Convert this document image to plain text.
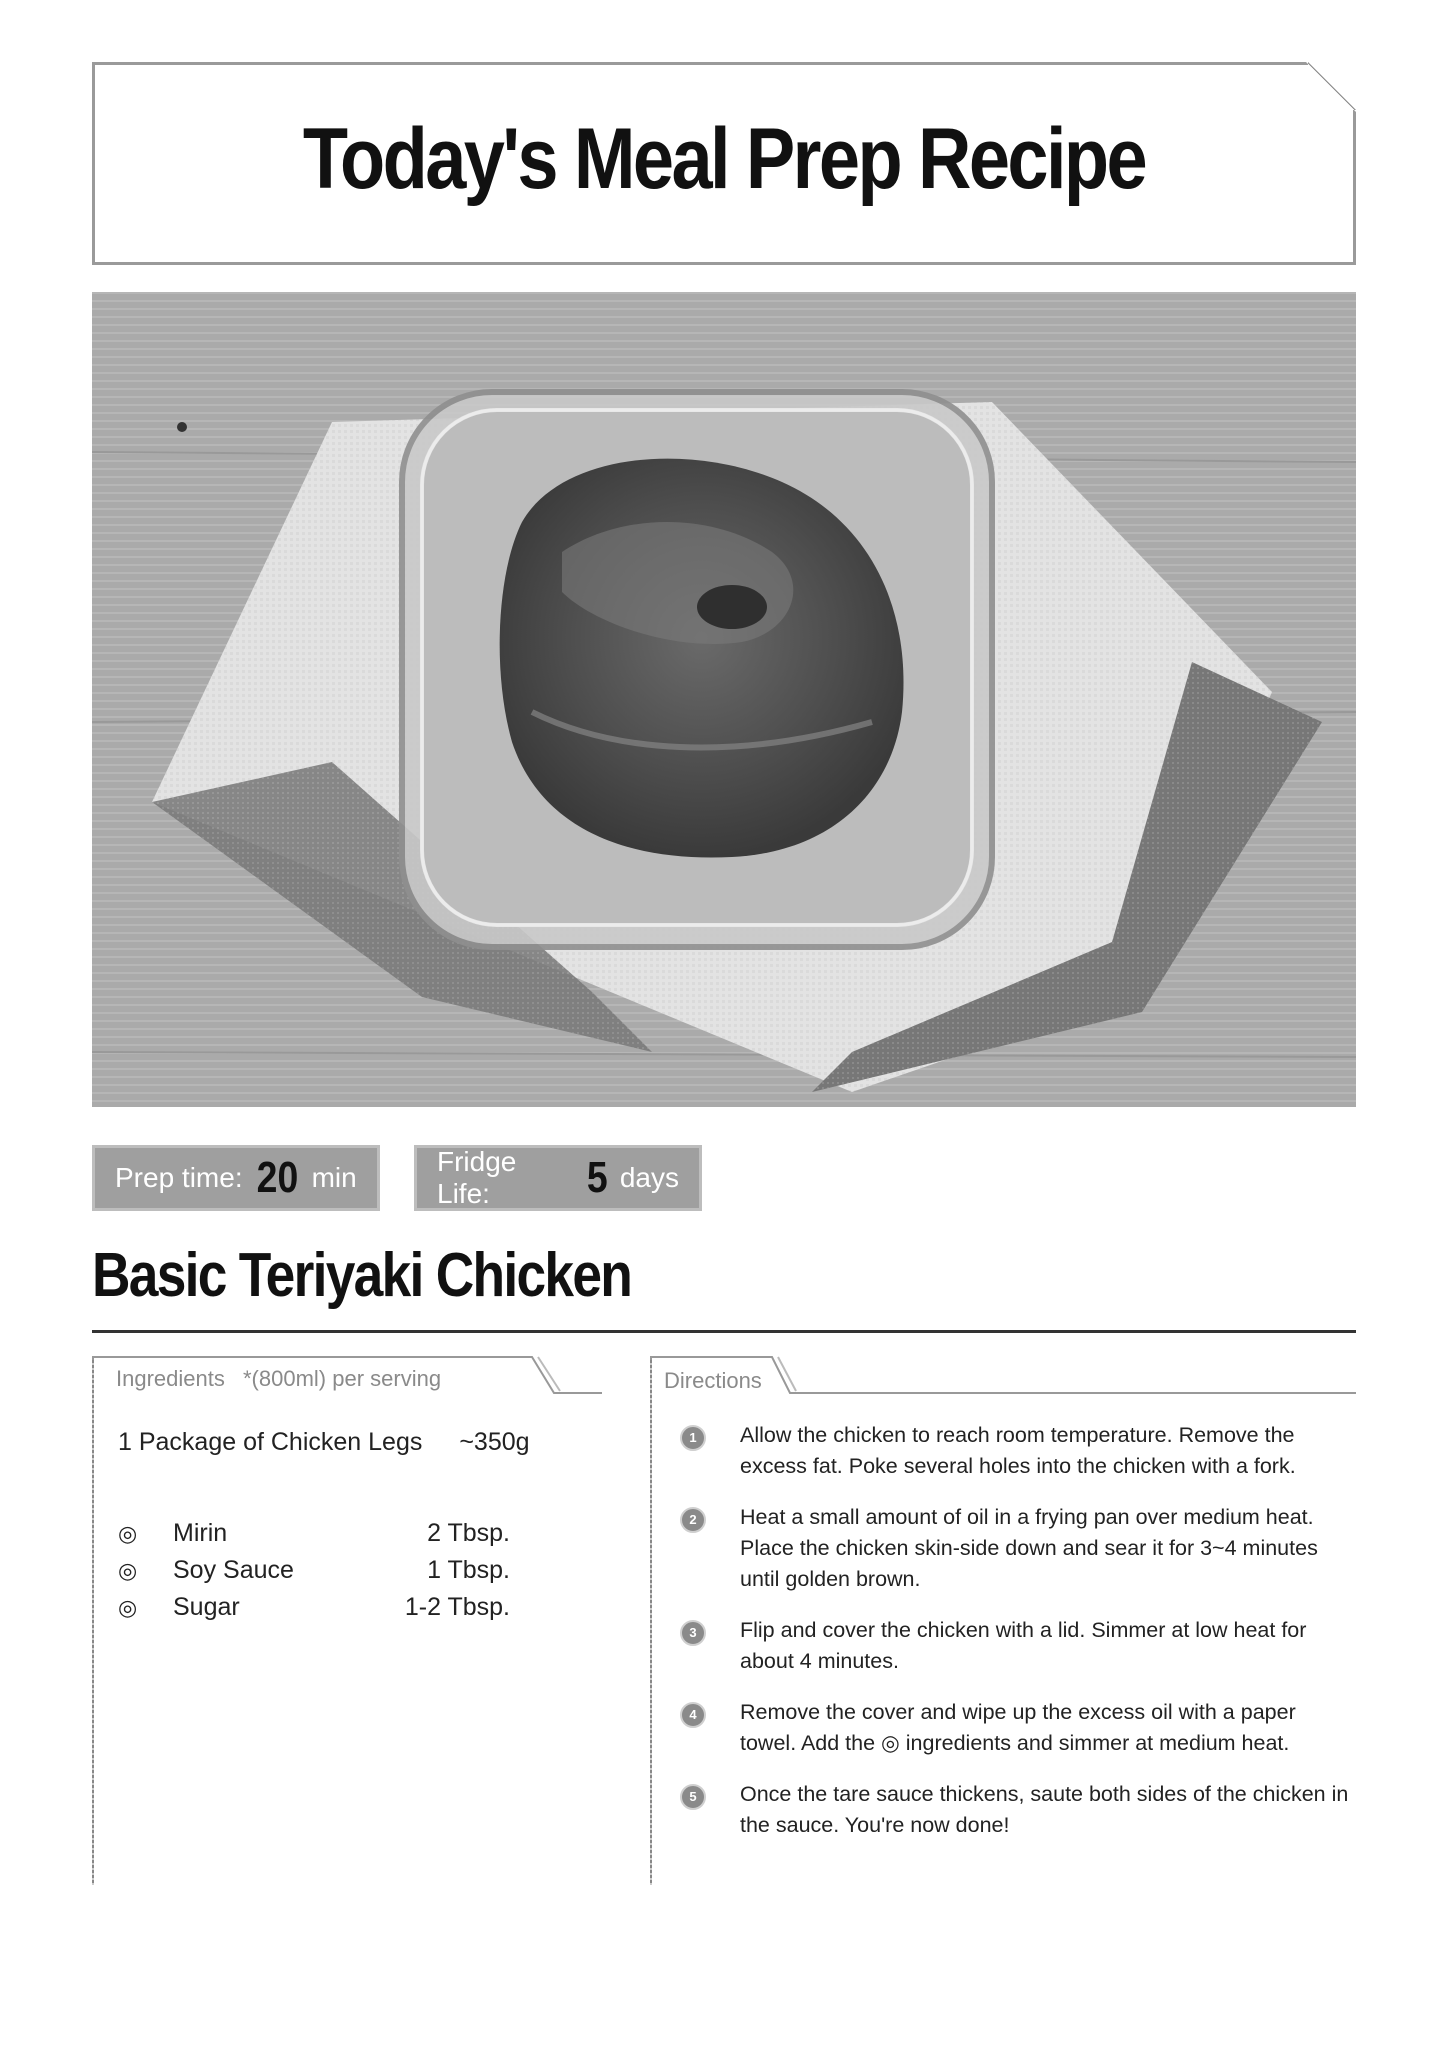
Today's Meal Prep Recipe
Prep time: 20 min
Fridge Life:	5 days
Basic Teriyaki Chicken
Ingredients *(800ml) per serving

1 Package of Chicken Legs ~350g

◎	Mirin	2 Tbsp.
◎	Soy Sauce	1 Tbsp.
◎	Sugar	1-2 Tbsp.
Directions
1	Allow the chicken to reach room temperature. Remove the excess fat. Poke several holes into the chicken with a fork.
2	Heat a small amount of oil in a frying pan over medium heat. Place the chicken skin-side down and sear it for 3~4 minutes until golden brown.
3	Flip and cover the chicken with a lid. Simmer at low heat for about 4 minutes.
4	Remove the cover and wipe up the excess oil with a paper towel. Add the ◎ ingredients and simmer at medium heat.
5	Once the tare sauce thickens, saute both sides of the chicken in the sauce. You're now done!
